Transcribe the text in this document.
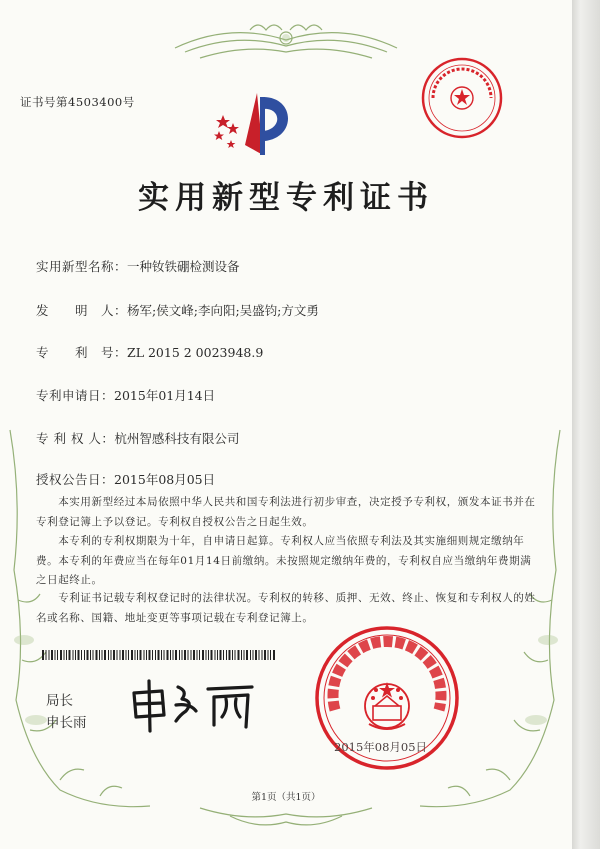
证书号第4503400号
实用新型专利证书
实用新型名称：一种钕铁硼检测设备
发　　明　人：杨军;侯文峰;李向阳;吴盛钧;方文勇
专　　利　号：ZL 2015 2 0023948.9
专利申请日：2015年01月14日
专 利 权 人：杭州智感科技有限公司
授权公告日：2015年08月05日
　　本实用新型经过本局依照中华人民共和国专利法进行初步审查，决定授予专利权，颁发本证书并在专利登记簿上予以登记。专利权自授权公告之日起生效。
　　本专利的专利权期限为十年，自申请日起算。专利权人应当依照专利法及其实施细则规定缴纳年费。本专利的年费应当在每年01月14日前缴纳。未按照规定缴纳年费的，专利权自应当缴纳年费期满之日起终止。
　　专利证书记载专利权登记时的法律状况。专利权的转移、质押、无效、终止、恢复和专利权人的姓名或名称、国籍、地址变更等事项记载在专利登记簿上。
局长
申长雨
2015年08月05日
第1页（共1页）
